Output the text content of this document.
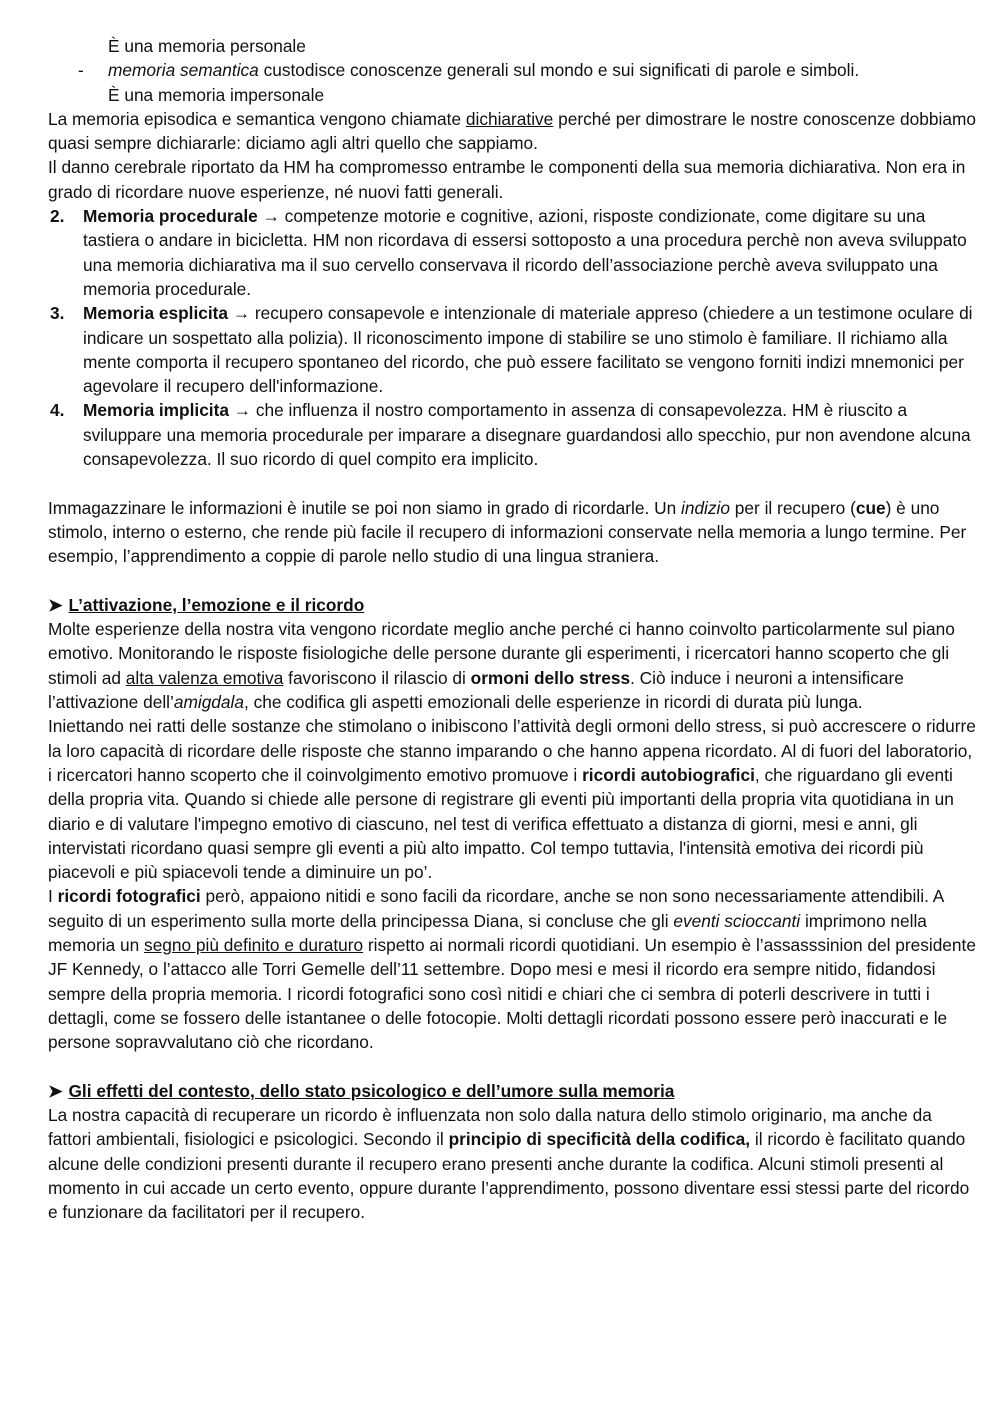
È una memoria personale

- memoria semantica custodisce conoscenze generali sul mondo e sui significati di parole e simboli.

È una memoria impersonale

La memoria episodica e semantica vengono chiamate dichiarative perché per dimostrare le nostre conoscenze dobbiamo quasi sempre dichiararle: diciamo agli altri quello che sappiamo.

Il danno cerebrale riportato da HM ha compromesso entrambe le componenti della sua memoria dichiarativa. Non era in grado di ricordare nuove esperienze, né nuovi fatti generali.

2. Memoria procedurale → competenze motorie e cognitive, azioni, risposte condizionate, come digitare su una tastiera o andare in bicicletta. HM non ricordava di essersi sottoposto a una procedura perchè non aveva sviluppato una memoria dichiarativa ma il suo cervello conservava il ricordo dell’associazione perchè aveva sviluppato una memoria procedurale.
3. Memoria esplicita → recupero consapevole e intenzionale di materiale appreso (chiedere a un testimone oculare di indicare un sospettato alla polizia). Il riconoscimento impone di stabilire se uno stimolo è familiare. Il richiamo alla mente comporta il recupero spontaneo del ricordo, che può essere facilitato se vengono forniti indizi mnemonici per agevolare il recupero dell'informazione.
4. Memoria implicita → che influenza il nostro comportamento in assenza di consapevolezza. HM è riuscito a sviluppare una memoria procedurale per imparare a disegnare guardandosi allo specchio, pur non avendone alcuna consapevolezza. Il suo ricordo di quel compito era implicito.

Immagazzinare le informazioni è inutile se poi non siamo in grado di ricordarle. Un indizio per il recupero (cue) è uno stimolo, interno o esterno, che rende più facile il recupero di informazioni conservate nella memoria a lungo termine. Per esempio, l’apprendimento a coppie di parole nello studio di una lingua straniera.

➤ L’attivazione, l’emozione e il ricordo

Molte esperienze della nostra vita vengono ricordate meglio anche perché ci hanno coinvolto particolarmente sul piano emotivo. Monitorando le risposte fisiologiche delle persone durante gli esperimenti, i ricercatori hanno scoperto che gli stimoli ad alta valenza emotiva favoriscono il rilascio di ormoni dello stress. Ciò induce i neuroni a intensificare l’attivazione dell’amigdala, che codifica gli aspetti emozionali delle esperienze in ricordi di durata più lunga.

Iniettando nei ratti delle sostanze che stimolano o inibiscono l’attività degli ormoni dello stress, si può accrescere o ridurre la loro capacità di ricordare delle risposte che stanno imparando o che hanno appena ricordato. Al di fuori del laboratorio, i ricercatori hanno scoperto che il coinvolgimento emotivo promuove i ricordi autobiografici, che riguardano gli eventi della propria vita. Quando si chiede alle persone di registrare gli eventi più importanti della propria vita quotidiana in un diario e di valutare l'impegno emotivo di ciascuno, nel test di verifica effettuato a distanza di giorni, mesi e anni, gli intervistati ricordano quasi sempre gli eventi a più alto impatto. Col tempo tuttavia, l'intensità emotiva dei ricordi più piacevoli e più spiacevoli tende a diminuire un po’.

I ricordi fotografici però, appaiono nitidi e sono facili da ricordare, anche se non sono necessariamente attendibili. A seguito di un esperimento sulla morte della principessa Diana, si concluse che gli eventi scioccanti imprimono nella memoria un segno più definito e duraturo rispetto ai normali ricordi quotidiani. Un esempio è l’assasssinion del presidente JF Kennedy, o l’attacco alle Torri Gemelle dell’11 settembre. Dopo mesi e mesi il ricordo era sempre nitido, fidandosi sempre della propria memoria. I ricordi fotografici sono così nitidi e chiari che ci sembra di poterli descrivere in tutti i dettagli, come se fossero delle istantanee o delle fotocopie. Molti dettagli ricordati possono essere però inaccurati e le persone sopravvalutano ciò che ricordano.

➤ Gli effetti del contesto, dello stato psicologico e dell’umore sulla memoria

La nostra capacità di recuperare un ricordo è influenzata non solo dalla natura dello stimolo originario, ma anche da fattori ambientali, fisiologici e psicologici. Secondo il principio di specificità della codifica, il ricordo è facilitato quando alcune delle condizioni presenti durante il recupero erano presenti anche durante la codifica. Alcuni stimoli presenti al momento in cui accade un certo evento, oppure durante l’apprendimento, possono diventare essi stessi parte del ricordo e funzionare da facilitatori per il recupero.
